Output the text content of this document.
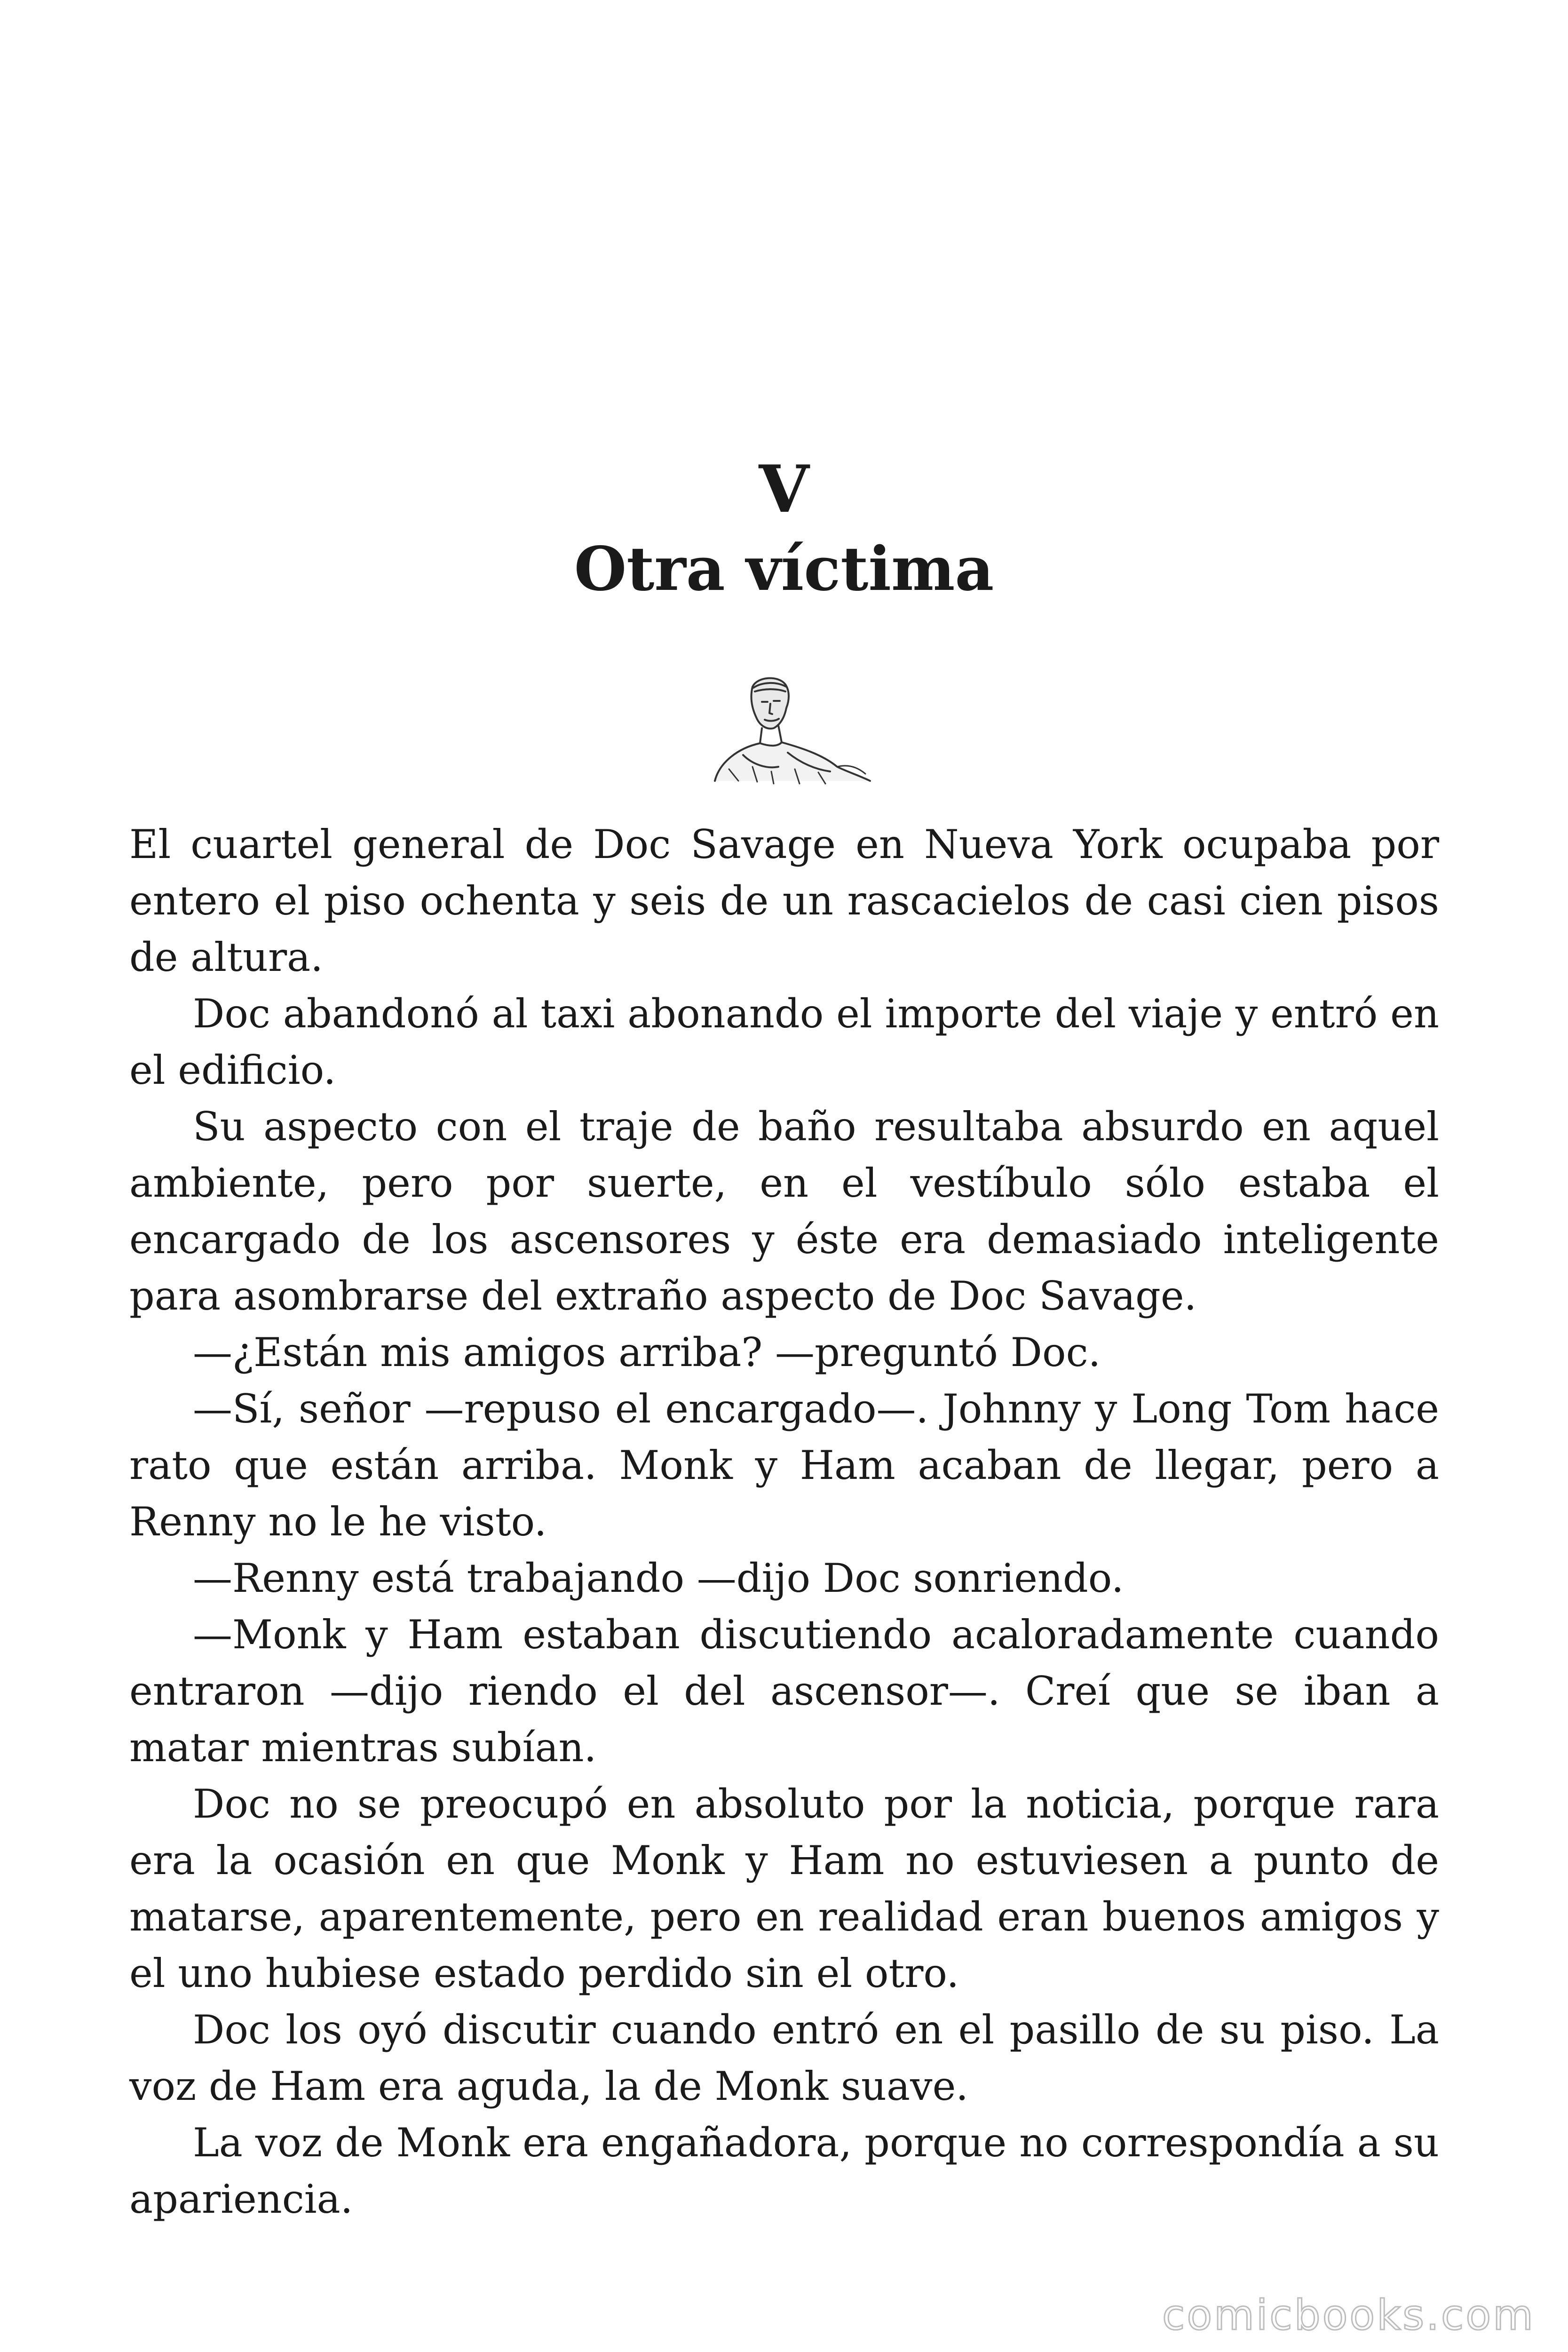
V
Otra víctima

El cuartel general de Doc Savage en Nueva York ocupaba por entero el piso ochenta y seis de un rascacielos de casi cien pisos de altura.

Doc abandonó al taxi abonando el importe del viaje y entró en el edificio.

Su aspecto con el traje de baño resultaba absurdo en aquel ambiente, pero por suerte, en el vestíbulo sólo estaba el encargado de los ascensores y éste era demasiado inteligente para asombrarse del extraño aspecto de Doc Savage.

—¿Están mis amigos arriba? —preguntó Doc.

—Sí, señor —repuso el encargado—. Johnny y Long Tom hace rato que están arriba. Monk y Ham acaban de llegar, pero a Renny no le he visto.

—Renny está trabajando —dijo Doc sonriendo.

—Monk y Ham estaban discutiendo acaloradamente cuando entraron —dijo riendo el del ascensor—. Creí que se iban a matar mientras subían.

Doc no se preocupó en absoluto por la noticia, porque rara era la ocasión en que Monk y Ham no estuviesen a punto de matarse, aparentemente, pero en realidad eran buenos amigos y el uno hubiese estado perdido sin el otro.

Doc los oyó discutir cuando entró en el pasillo de su piso. La voz de Ham era aguda, la de Monk suave.

La voz de Monk era engañadora, porque no correspondía a su apariencia.

comicbooks.com
